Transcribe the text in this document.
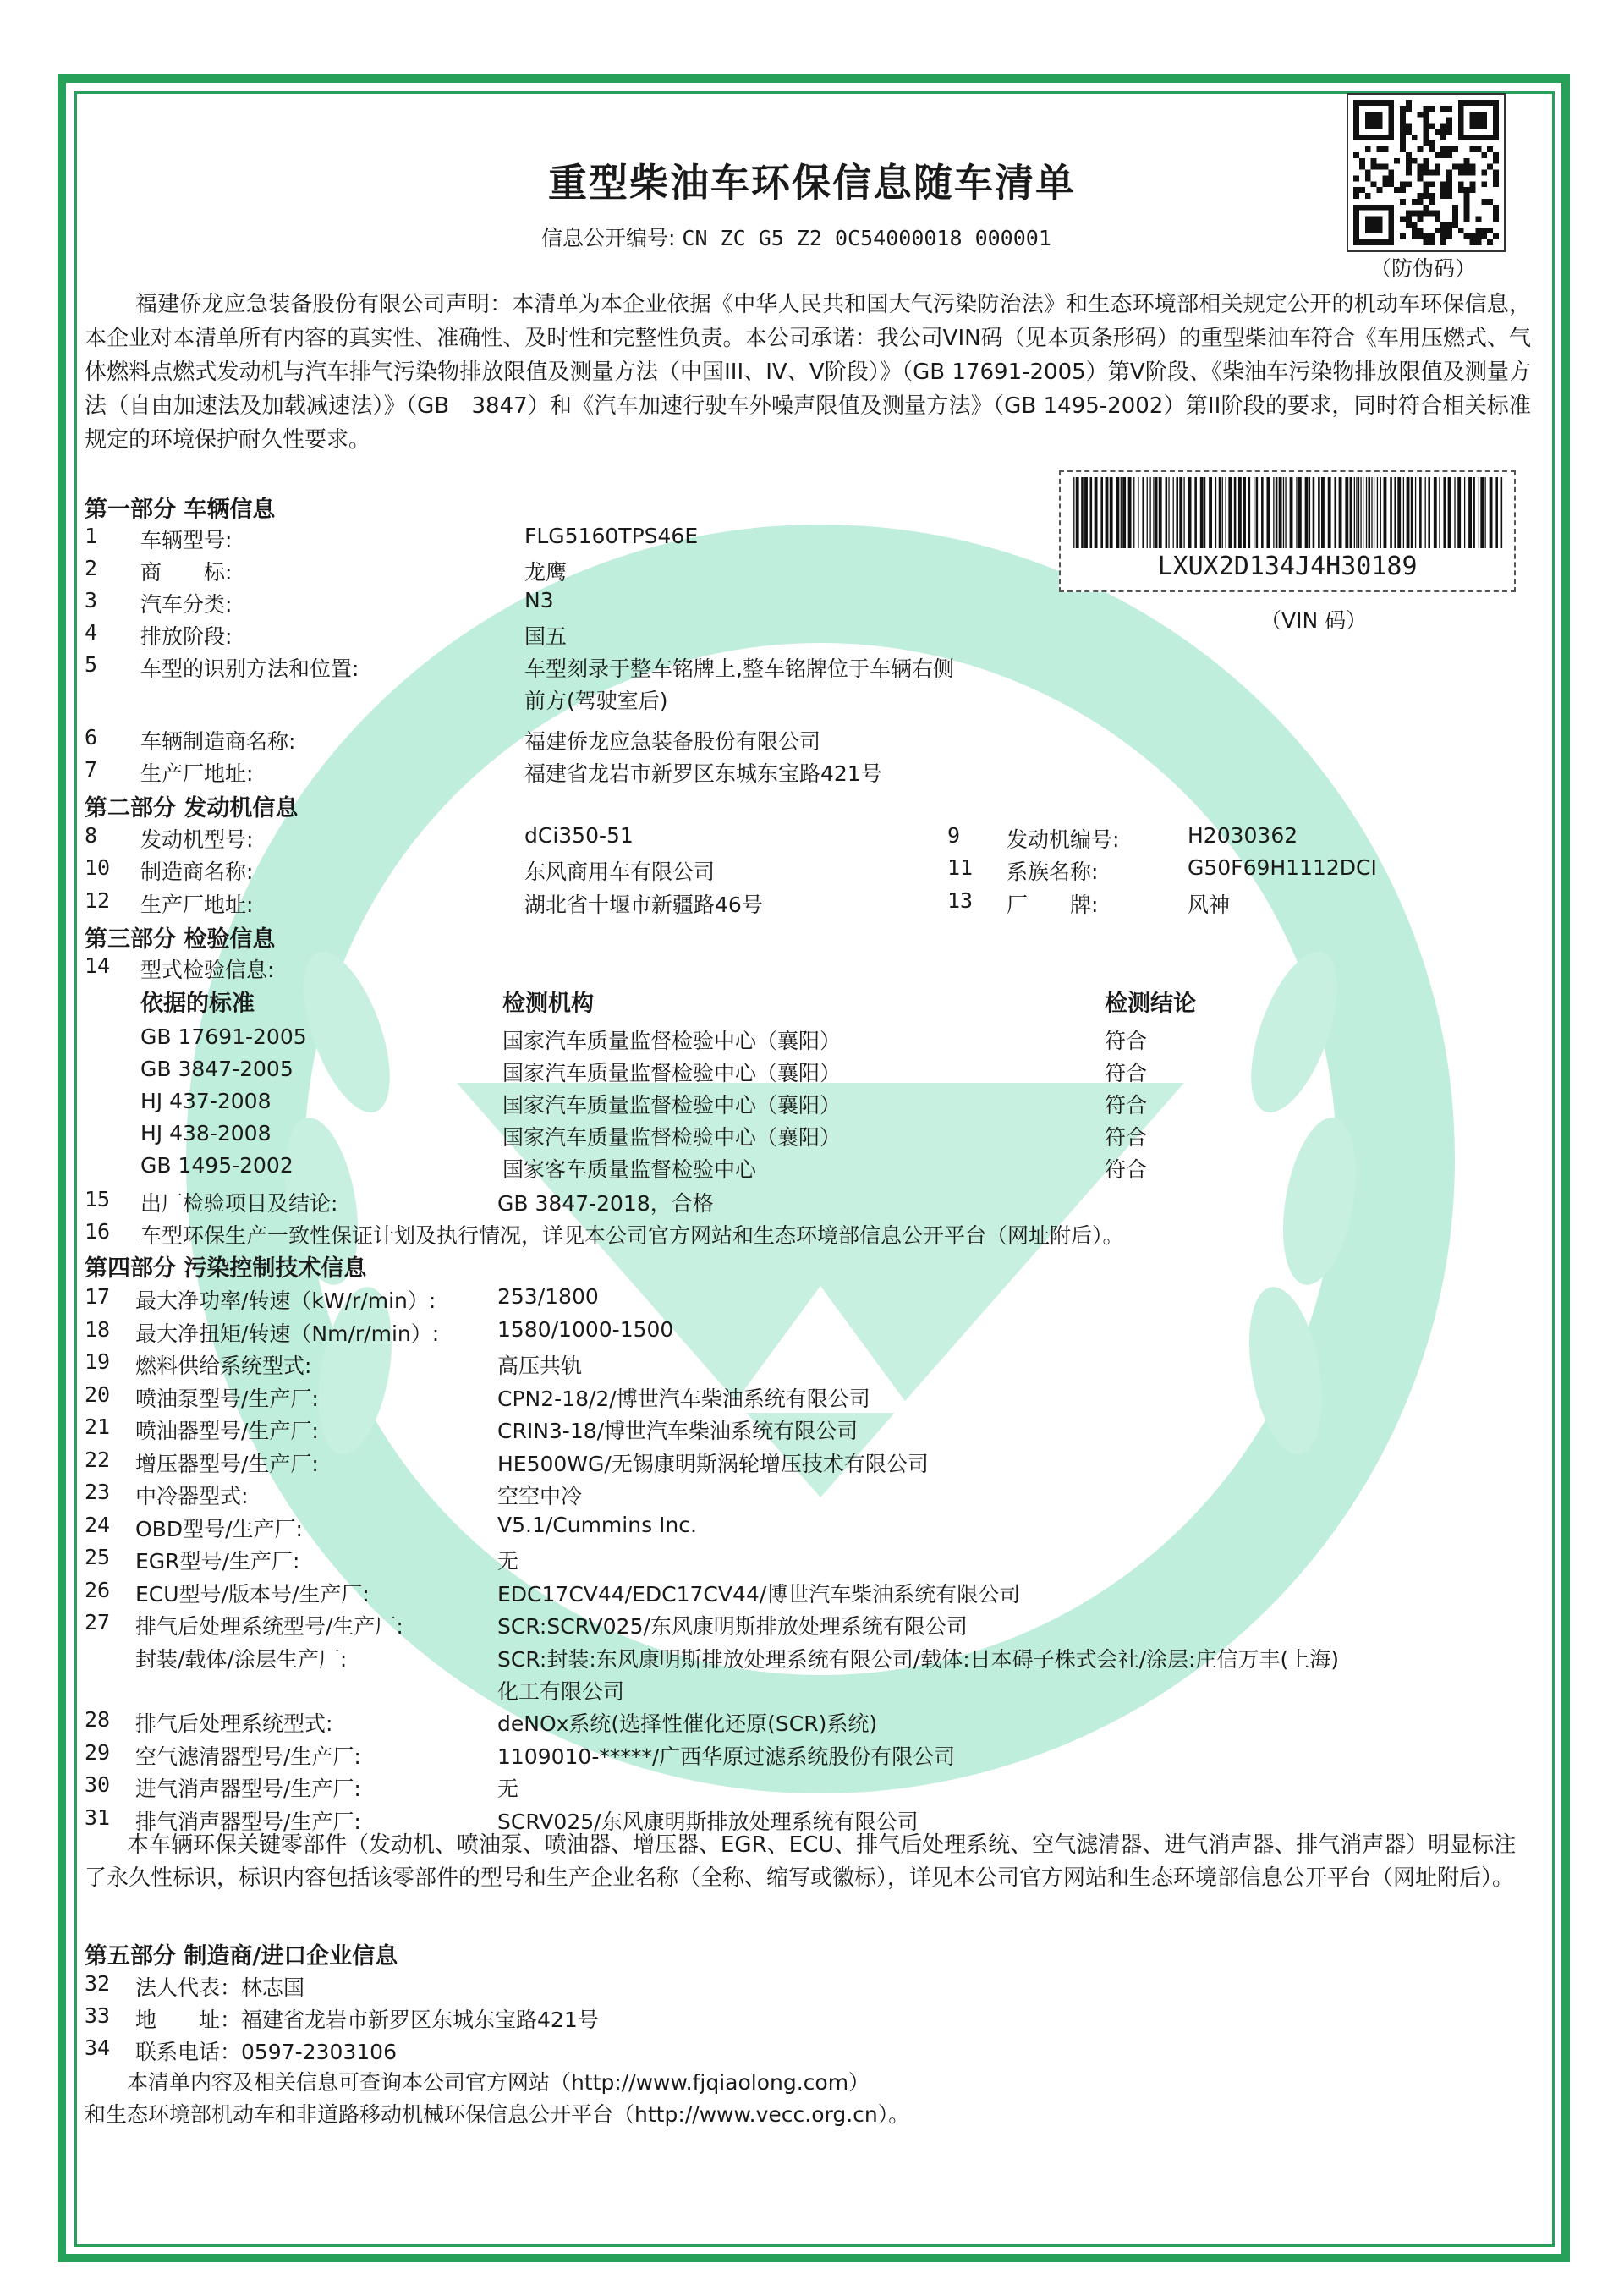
重型柴油车环保信息随车清单
信息公开编号: CN ZC G5 Z2 0C54000018 000001
（防伪码）
福建侨龙应急装备股份有限公司声明：本清单为本企业依据《中华人民共和国大气污染防治法》和生态环境部相关规定公开的机动车环保信息，本企业对本清单所有内容的真实性、准确性、及时性和完整性负责。本公司承诺：我公司VIN码（见本页条形码）的重型柴油车符合《车用压燃式、气体燃料点燃式发动机与汽车排气污染物排放限值及测量方法（中国III、IV、V阶段）》（GB 17691-2005）第V阶段、《柴油车污染物排放限值及测量方法（自由加速法及加载减速法）》（GB　3847）和《汽车加速行驶车外噪声限值及测量方法》（GB 1495-2002）第II阶段的要求，同时符合相关标准规定的环境保护耐久性要求。
LXUX2D134J4H30189
（VIN 码）
第一部分 车辆信息
1 车辆型号:	FLG5160TPS46E
2 商　　标:	龙鹰
3 汽车分类:	N3
4 排放阶段:	国五
5 车型的识别方法和位置:	车型刻录于整车铭牌上,整车铭牌位于车辆右侧
前方(驾驶室后)
6 车辆制造商名称:	福建侨龙应急装备股份有限公司
7 生产厂地址:	福建省龙岩市新罗区东城东宝路421号
第二部分 发动机信息
8 发动机型号:	dCi350-51
10 制造商名称:	东风商用车有限公司
12 生产厂地址:	湖北省十堰市新疆路46号
9 发动机编号:	H2030362
11 系族名称:	G50F69H1112DCI
13 厂　　牌:	风神
第三部分 检验信息
14 型式检验信息:
依据的标准	检测机构	检测结论
GB 17691-2005	国家汽车质量监督检验中心（襄阳）	符合
GB 3847-2005	国家汽车质量监督检验中心（襄阳）	符合
HJ 437-2008	国家汽车质量监督检验中心（襄阳）	符合
HJ 438-2008	国家汽车质量监督检验中心（襄阳）	符合
GB 1495-2002	国家客车质量监督检验中心	符合
15 出厂检验项目及结论:	GB 3847-2018，合格
16 车型环保生产一致性保证计划及执行情况，详见本公司官方网站和生态环境部信息公开平台（网址附后）。
第四部分 污染控制技术信息
17 最大净功率/转速（kW/r/min）:	253/1800
18 最大净扭矩/转速（Nm/r/min）:	1580/1000-1500
19 燃料供给系统型式:	高压共轨
20 喷油泵型号/生产厂:	CPN2-18/2/博世汽车柴油系统有限公司
21 喷油器型号/生产厂:	CRIN3-18/博世汽车柴油系统有限公司
22 增压器型号/生产厂:	HE500WG/无锡康明斯涡轮增压技术有限公司
23 中冷器型式:	空空中冷
24 OBD型号/生产厂:	V5.1/Cummins Inc.
25 EGR型号/生产厂:	无
26 ECU型号/版本号/生产厂:	EDC17CV44/EDC17CV44/博世汽车柴油系统有限公司
27 排气后处理系统型号/生产厂:	SCR:SCRV025/东风康明斯排放处理系统有限公司
封装/载体/涂层生产厂:	SCR:封装:东风康明斯排放处理系统有限公司/载体:日本碍子株式会社/涂层:庄信万丰(上海)
化工有限公司
28 排气后处理系统型式:	deNOx系统(选择性催化还原(SCR)系统)
29 空气滤清器型号/生产厂:	1109010-*****/广西华原过滤系统股份有限公司
30 进气消声器型号/生产厂:	无
31 排气消声器型号/生产厂:	SCRV025/东风康明斯排放处理系统有限公司
本车辆环保关键零部件（发动机、喷油泵、喷油器、增压器、EGR、ECU、排气后处理系统、空气滤清器、进气消声器、排气消声器）明显标注了永久性标识，标识内容包括该零部件的型号和生产企业名称（全称、缩写或徽标），详见本公司官方网站和生态环境部信息公开平台（网址附后）。
第五部分 制造商/进口企业信息
32 法人代表：林志国
33 地　　址：福建省龙岩市新罗区东城东宝路421号
34 联系电话：0597-2303106
本清单内容及相关信息可查询本公司官方网站（http://www.fjqiaolong.com）
和生态环境部机动车和非道路移动机械环保信息公开平台（http://www.vecc.org.cn）。
